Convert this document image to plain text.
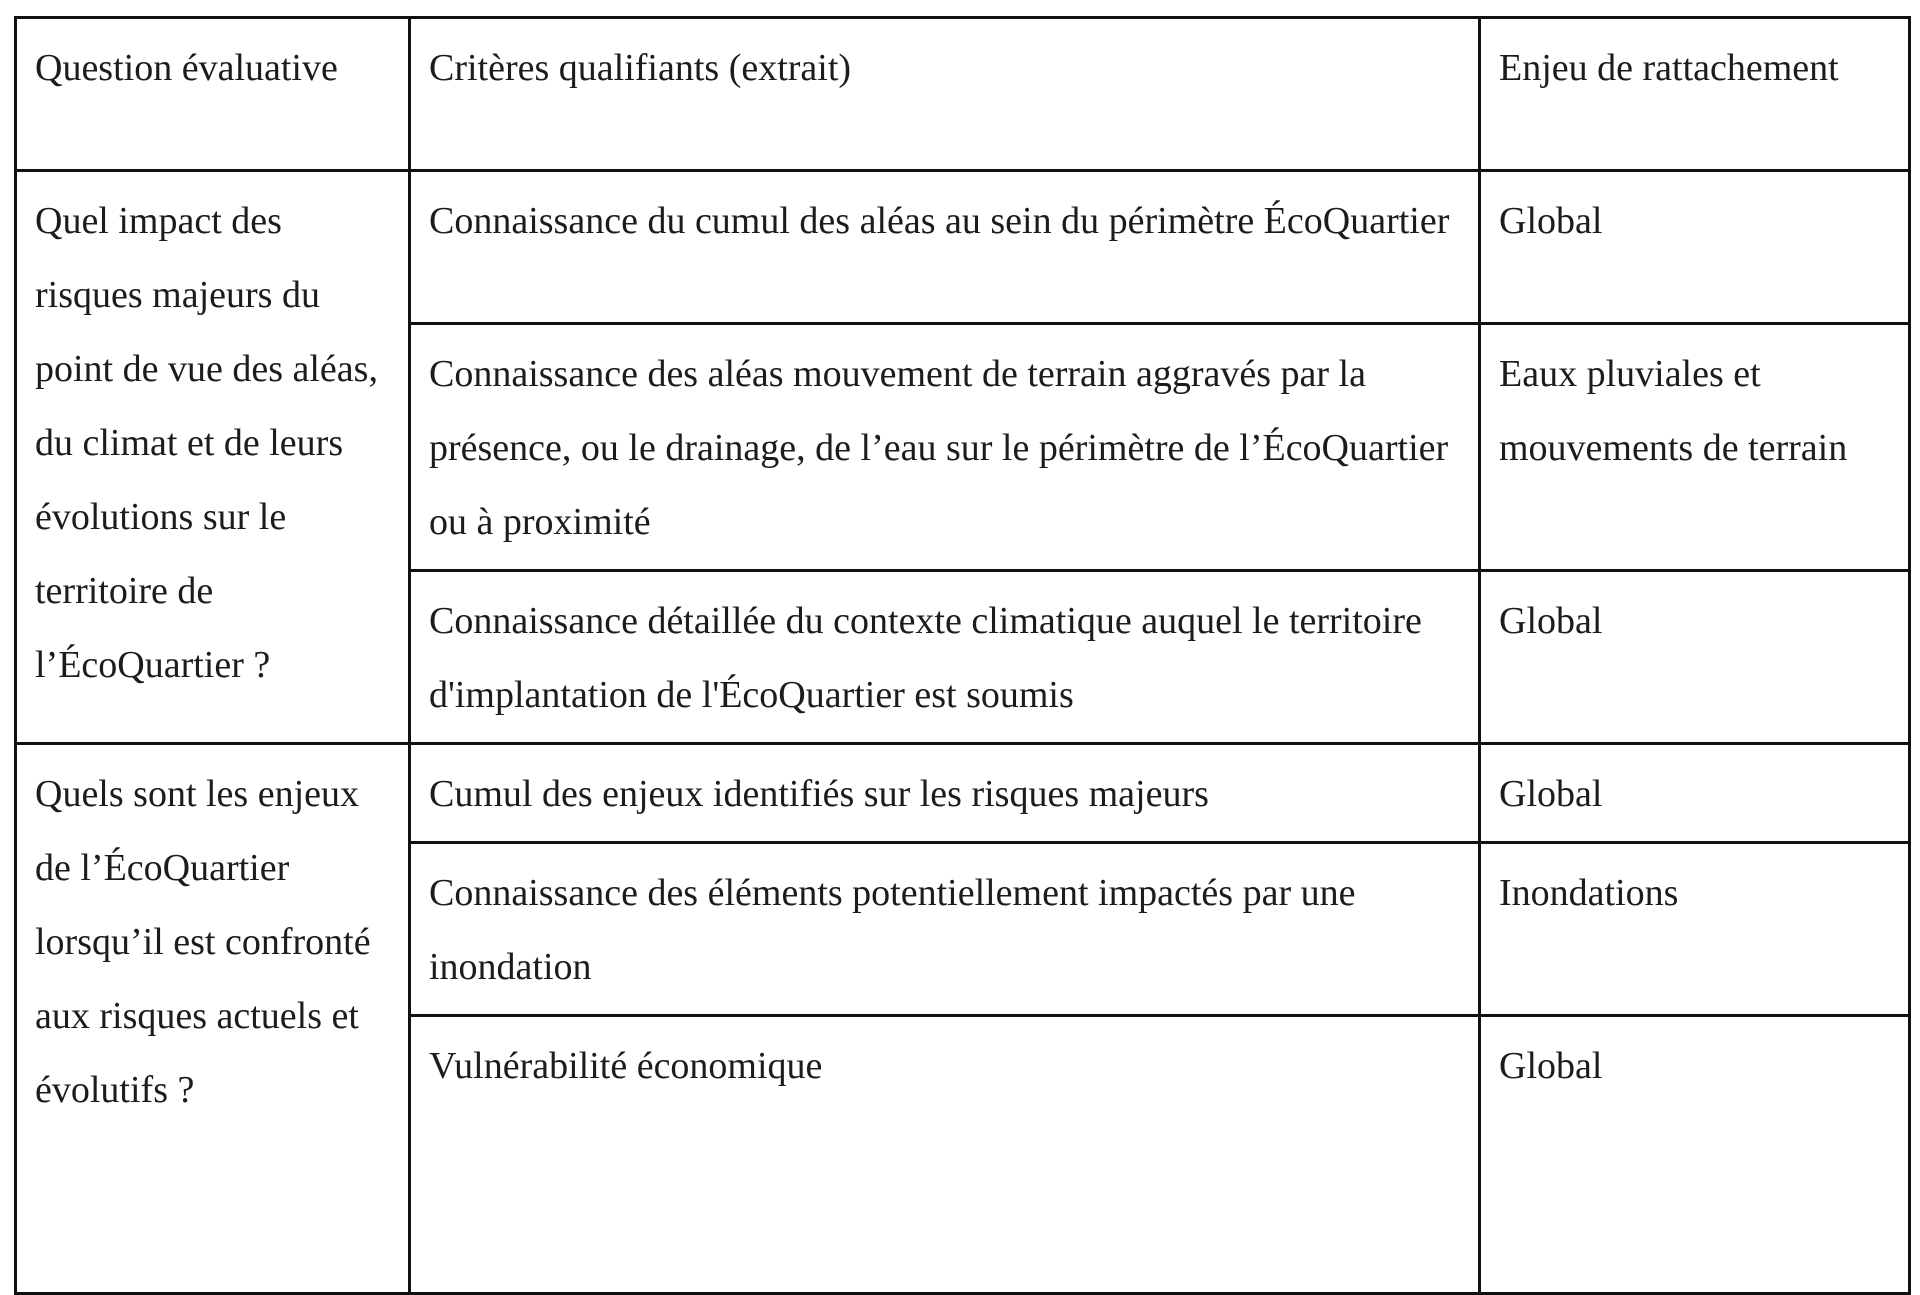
Question évaluative	Critères qualifiants (extrait)	Enjeu de rattachement
Quel impact des risques majeurs du point de vue des aléas, du climat et de leurs évolutions sur le territoire de l’ÉcoQuartier ?	Connaissance du cumul des aléas au sein du périmètre ÉcoQuartier	Global
	Connaissance des aléas mouvement de terrain aggravés par la présence, ou le drainage, de l’eau sur le périmètre de l’ÉcoQuartier ou à proximité	Eaux pluviales et mouvements de terrain
	Connaissance détaillée du contexte climatique auquel le territoire d'implantation de l'ÉcoQuartier est soumis	Global
Quels sont les enjeux de l’ÉcoQuartier lorsqu’il est confronté aux risques actuels et évolutifs ?	Cumul des enjeux identifiés sur les risques majeurs	Global
	Connaissance des éléments potentiellement impactés par une inondation	Inondations
	Vulnérabilité économique	Global
